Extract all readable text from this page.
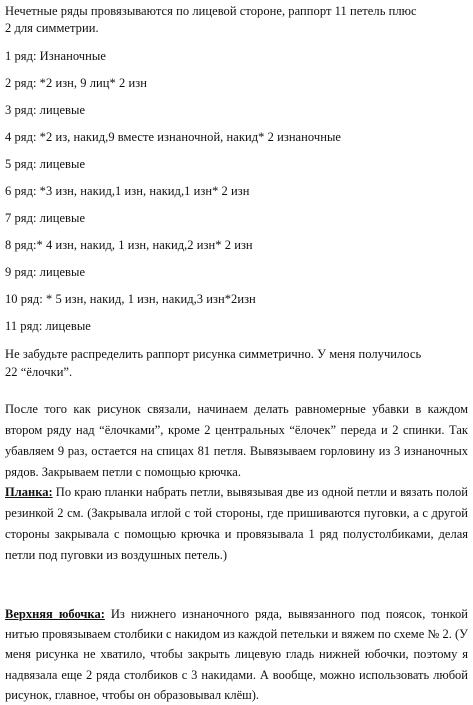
Нечетные ряды провязываются по лицевой стороне, раппорт 11 петель плюс
2 для симметрии.
1 ряд: Изнаночные
2 ряд: *2 изн, 9 лиц* 2 изн
3 ряд: лицевые
4 ряд: *2 из, накид,9 вместе изнаночной, накид* 2 изнаночные
5 ряд: лицевые
6 ряд: *3 изн, накид,1 изн, накид,1 изн* 2 изн
7 ряд: лицевые
8 ряд:* 4 изн, накид, 1 изн, накид,2 изн* 2 изн
9 ряд: лицевые
10 ряд: * 5 изн, накид, 1 изн, накид,3 изн*2изн
11 ряд: лицевые
Не забудьте распределить раппорт рисунка симметрично. У меня получилось
22 “ёлочки”.
После того как рисунок связали, начинаем делать равномерные убавки в каждом втором ряду над “ёлочками”, кроме 2 центральных “ёлочек” переда и 2 спинки. Так убавляем 9 раз, остается на спицах 81 петля. Вывязываем горловину из 3 изнаночных рядов. Закрываем петли с помощью крючка.
Планка: По краю планки набрать петли, вывязывая две из одной петли и вязать полой резинкой 2 см. (Закрывала иглой с той стороны, где пришиваются пуговки, а с другой стороны закрывала с помощью крючка и провязывала 1 ряд полустолбиками, делая петли под пуговки из воздушных петель.)
Верхняя юбочка: Из нижнего изнаночного ряда, вывязанного под поясок, тонкой нитью провязываем столбики с накидом из каждой петельки и вяжем по схеме № 2. (У меня рисунка не хватило, чтобы закрыть лицевую гладь нижней юбочки, поэтому я надвязала еще 2 ряда столбиков с 3 накидами. А вообще, можно использовать любой рисунок, главное, чтобы он образовывал клёш).
